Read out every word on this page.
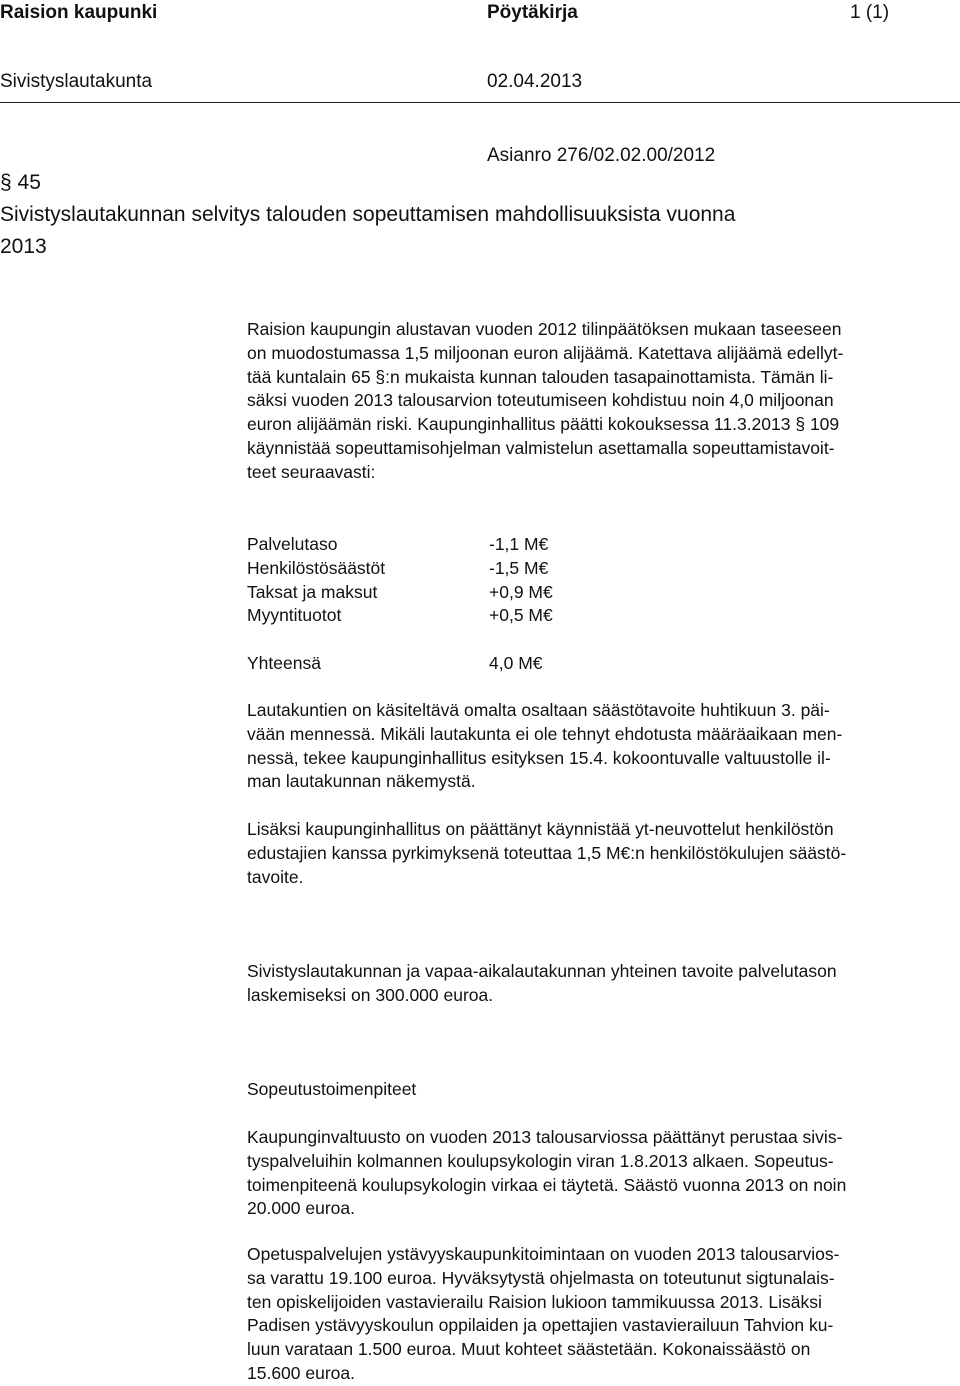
Raision kaupunki	Pöytäkirja	1 (1)
Sivistyslautakunta	02.04.2013
Asianro 276/02.02.00/2012
§ 45
Sivistyslautakunnan selvitys talouden sopeuttamisen mahdollisuuksista vuonna
2013

Raision kaupungin alustavan vuoden 2012 tilinpäätöksen mukaan taseeseen

on muodostumassa 1,5 miljoonan euron alijäämä. Katettava alijäämä edellyt-

tää kuntalain 65 §:n mukaista kunnan talouden tasapainottamista. Tämän li-

säksi vuoden 2013 talousarvion toteutumiseen kohdistuu noin 4,0 miljoonan

euron alijäämän riski. Kaupunginhallitus päätti kokouksessa 11.3.2013 § 109

käynnistää sopeuttamisohjelman valmistelun asettamalla sopeuttamistavoit-

teet seuraavasti:

Palvelutaso	-1,1 M€
Henkilöstösäästöt	-1,5 M€
Taksat ja maksut	+0,9 M€
Myyntituotot	+0,5 M€
Yhteensä	4,0 M€

Lautakuntien on käsiteltävä omalta osaltaan säästötavoite huhtikuun 3. päi-

vään mennessä. Mikäli lautakunta ei ole tehnyt ehdotusta määräaikaan men-

nessä, tekee kaupunginhallitus esityksen 15.4. kokoontuvalle valtuustolle il-

man lautakunnan näkemystä.

Lisäksi kaupunginhallitus on päättänyt käynnistää yt-neuvottelut henkilöstön

edustajien kanssa pyrkimyksenä toteuttaa 1,5 M€:n henkilöstökulujen säästö-

tavoite.

Sivistyslautakunnan ja vapaa-aikalautakunnan yhteinen tavoite palvelutason

laskemiseksi on 300.000 euroa.

Sopeutustoimenpiteet

Kaupunginvaltuusto on vuoden 2013 talousarviossa päättänyt perustaa sivis-

tyspalveluihin kolmannen koulupsykologin viran 1.8.2013 alkaen. Sopeutus-

toimenpiteenä koulupsykologin virkaa ei täytetä. Säästö vuonna 2013 on noin

20.000 euroa.

Opetuspalvelujen ystävyyskaupunkitoimintaan on vuoden 2013 talousarvios-

sa varattu 19.100 euroa. Hyväksytystä ohjelmasta on toteutunut sigtunalais-

ten opiskelijoiden vastavierailu Raision lukioon tammikuussa 2013. Lisäksi

Padisen ystävyyskoulun oppilaiden ja opettajien vastavierailuun Tahvion ku-

luun varataan 1.500 euroa. Muut kohteet säästetään. Kokonaissäästö on

15.600 euroa.
